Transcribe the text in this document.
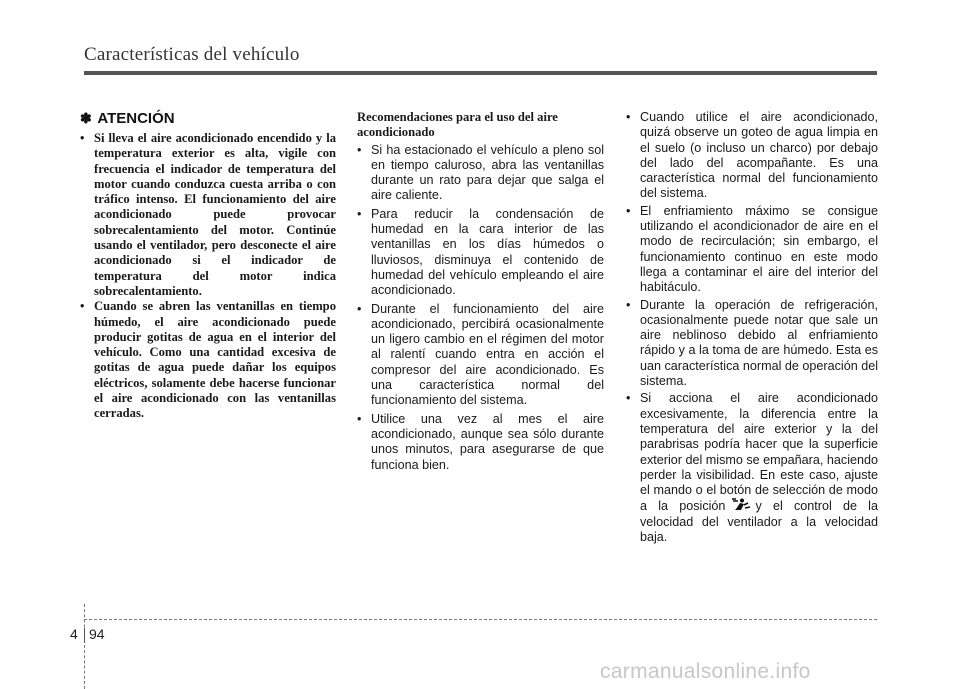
Características del vehículo
✽ ATENCIÓN
• Si lleva el aire acondicionado encendido y la temperatura exterior es alta, vigile con frecuencia el indicador de temperatura del motor cuando conduzca cuesta arriba o con tráfico intenso. El funcionamiento del aire acondicionado puede provocar sobrecalentamiento del motor. Continúe usando el ventilador, pero desconecte el aire acondicionado si el indicador de temperatura del motor indica sobrecalentamiento.
• Cuando se abren las ventanillas en tiempo húmedo, el aire acondicionado puede producir gotitas de agua en el interior del vehículo. Como una cantidad excesiva de gotitas de agua puede dañar los equipos eléctricos, solamente debe hacerse funcionar el aire acondicionado con las ventanillas cerradas.
Recomendaciones para el uso del aire acondicionado
• Si ha estacionado el vehículo a pleno sol en tiempo caluroso, abra las ventanillas durante un rato para dejar que salga el aire caliente.
• Para reducir la condensación de humedad en la cara interior de las ventanillas en los días húmedos o lluviosos, disminuya el contenido de humedad del vehículo empleando el aire acondicionado.
• Durante el funcionamiento del aire acondicionado, percibirá ocasionalmente un ligero cambio en el régimen del motor al ralentí cuando entra en acción el compresor del aire acondicionado. Es una característica normal del funcionamiento del sistema.
• Utilice una vez al mes el aire acondicionado, aunque sea sólo durante unos minutos, para asegurarse de que funciona bien.
• Cuando utilice el aire acondicionado, quizá observe un goteo de agua limpia en el suelo (o incluso un charco) por debajo del lado del acompañante. Es una característica normal del funcionamiento del sistema.
• El enfriamiento máximo se consigue utilizando el acondicionador de aire en el modo de recirculación; sin embargo, el funcionamiento continuo en este modo llega a contaminar el aire del interior del habitáculo.
• Durante la operación de refrigeración, ocasionalmente puede notar que sale un aire neblinoso debido al enfriamiento rápido y a la toma de are húmedo. Esta es uan característica normal de operación del sistema.
• Si acciona el aire acondicionado excesivamente, la diferencia entre la temperatura del aire exterior y la del parabrisas podría hacer que la superficie exterior del mismo se empañara, haciendo perder la visibilidad. En este caso, ajuste el mando o el botón de selección de modo a la posición y el control de la velocidad del ventilador a la velocidad baja.
4 94
carmanualsonline.info
